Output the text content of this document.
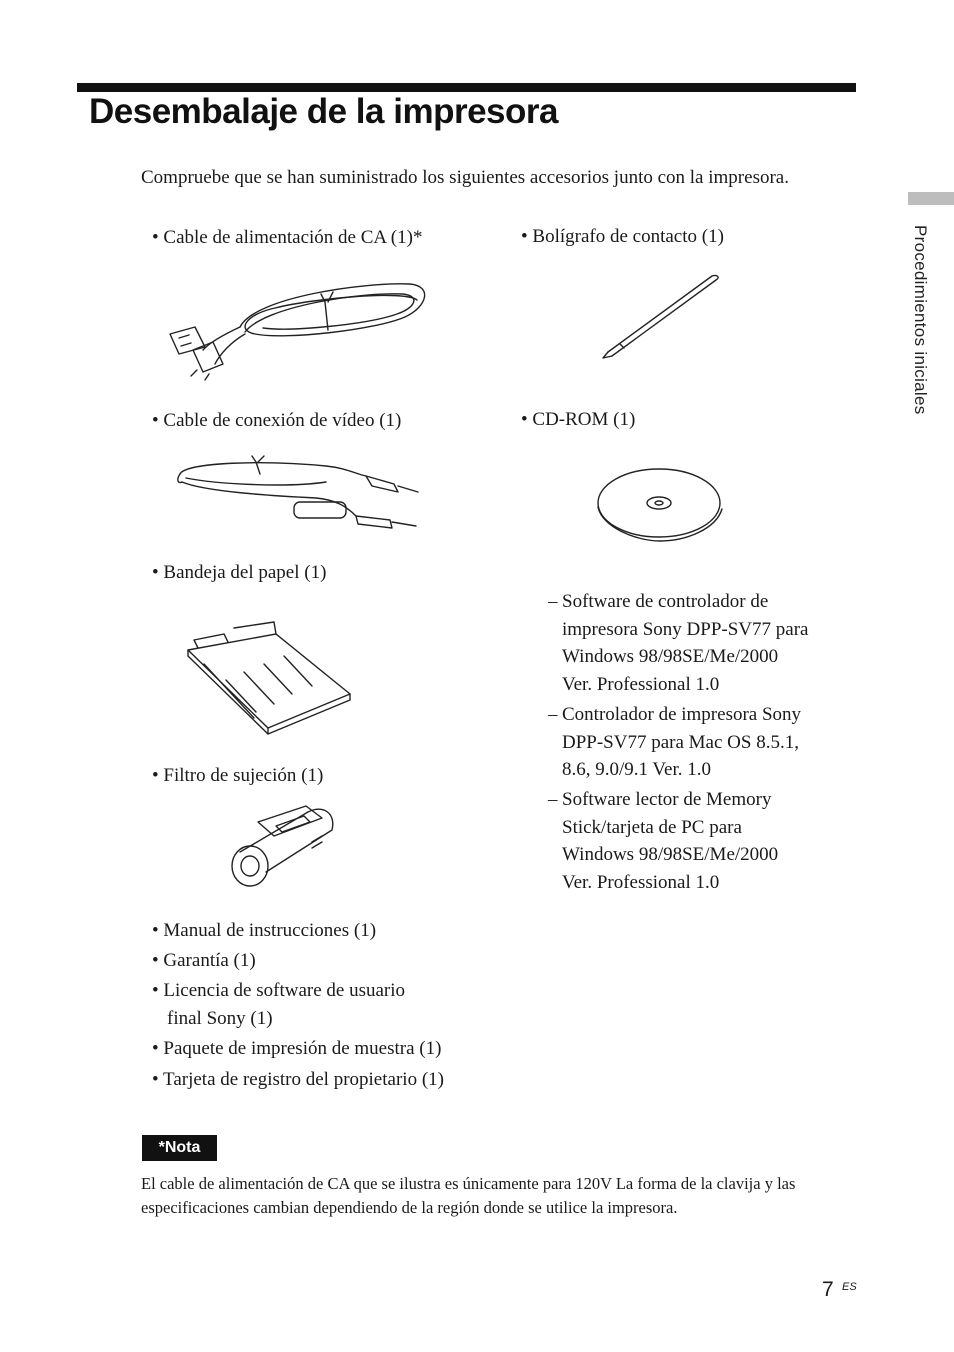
Desembalaje de la impresora
Compruebe que se han suministrado los siguientes accesorios junto con la impresora.
Procedimientos iniciales
• Cable de alimentación de CA (1)*	• Bolígrafo de contacto (1)
• Cable de conexión de vídeo (1)	• CD-ROM (1)
• Bandeja del papel (1)
• Filtro de sujeción (1)
– Software de controlador de
impresora Sony DPP-SV77 para
Windows 98/98SE/Me/2000
Ver. Professional 1.0
– Controlador de impresora Sony
DPP-SV77 para Mac OS 8.5.1,
8.6, 9.0/9.1 Ver. 1.0
– Software lector de Memory
Stick/tarjeta de PC para
Windows 98/98SE/Me/2000
Ver. Professional 1.0
• Manual de instrucciones (1)
• Garantía (1)
• Licencia de software de usuario
final Sony (1)
• Paquete de impresión de muestra (1)
• Tarjeta de registro del propietario (1)
*Nota
El cable de alimentación de CA que se ilustra es únicamente para 120V La forma de la clavija y las especificaciones cambian dependiendo de la región donde se utilice la impresora.
7 ES
